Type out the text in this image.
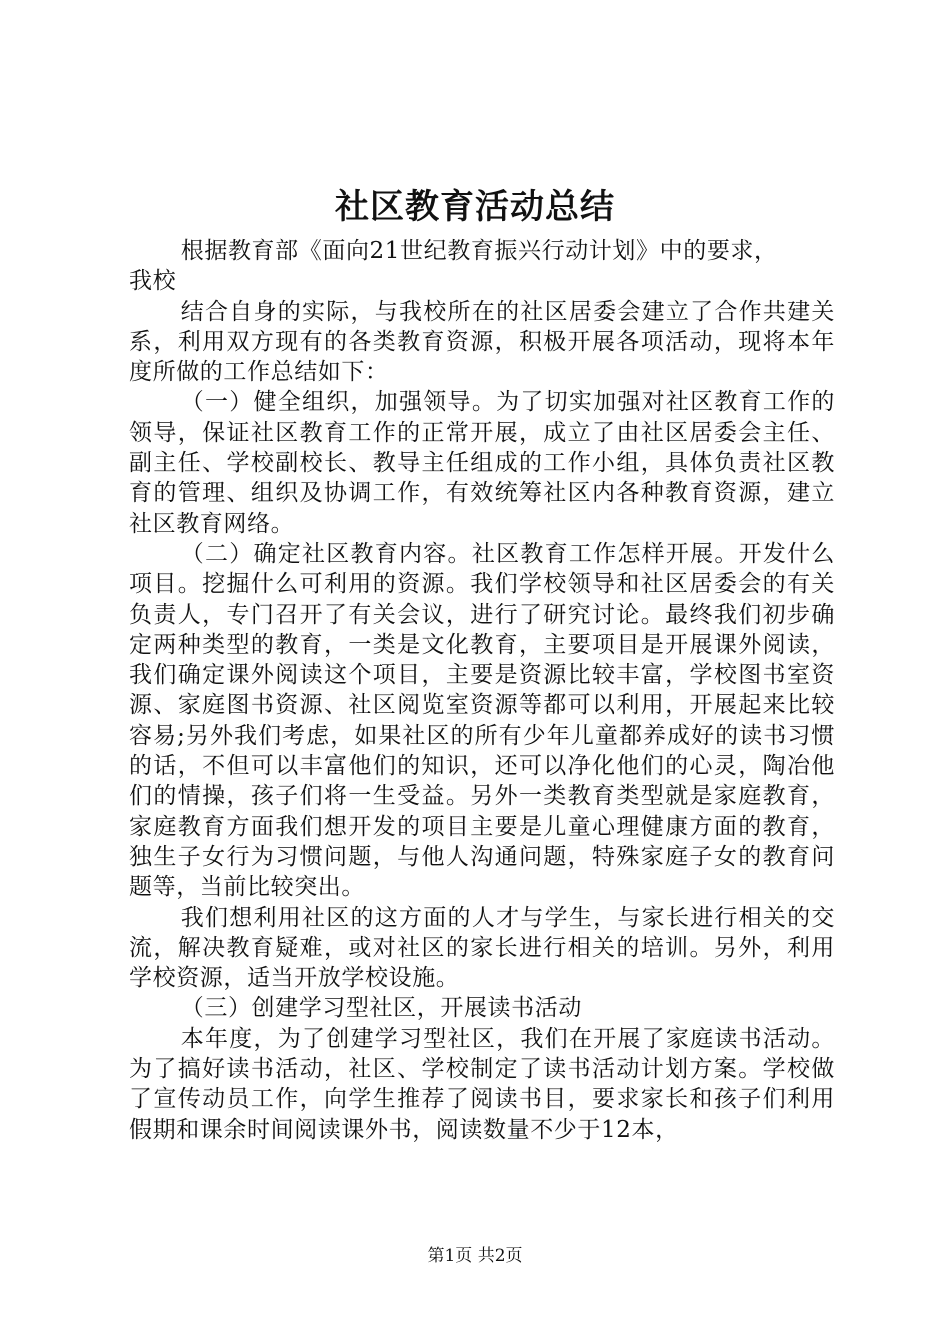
社区教育活动总结

根据教育部《面向21世纪教育振兴行动计划》中的要求，

我校

结合自身的实际，与我校所在的社区居委会建立了合作共建关系，利用双方现有的各类教育资源，积极开展各项活动，现将本年度所做的工作总结如下：

（一）健全组织，加强领导。为了切实加强对社区教育工作的领导，保证社区教育工作的正常开展，成立了由社区居委会主任、副主任、学校副校长、教导主任组成的工作小组，具体负责社区教育的管理、组织及协调工作，有效统筹社区内各种教育资源，建立社区教育网络。

（二）确定社区教育内容。社区教育工作怎样开展。开发什么项目。挖掘什么可利用的资源。我们学校领导和社区居委会的有关负责人，专门召开了有关会议，进行了研究讨论。最终我们初步确定两种类型的教育，一类是文化教育，主要项目是开展课外阅读，我们确定课外阅读这个项目，主要是资源比较丰富，学校图书室资源、家庭图书资源、社区阅览室资源等都可以利用，开展起来比较容易;另外我们考虑，如果社区的所有少年儿童都养成好的读书习惯的话，不但可以丰富他们的知识，还可以净化他们的心灵，陶冶他们的情操，孩子们将一生受益。另外一类教育类型就是家庭教育，家庭教育方面我们想开发的项目主要是儿童心理健康方面的教育，独生子女行为习惯问题，与他人沟通问题，特殊家庭子女的教育问题等，当前比较突出。

我们想利用社区的这方面的人才与学生，与家长进行相关的交流，解决教育疑难，或对社区的家长进行相关的培训。另外，利用学校资源，适当开放学校设施。

（三）创建学习型社区，开展读书活动

本年度，为了创建学习型社区，我们在开展了家庭读书活动。为了搞好读书活动，社区、学校制定了读书活动计划方案。学校做了宣传动员工作，向学生推荐了阅读书目，要求家长和孩子们利用假期和课余时间阅读课外书，阅读数量不少于12本，

第1页 共2页
